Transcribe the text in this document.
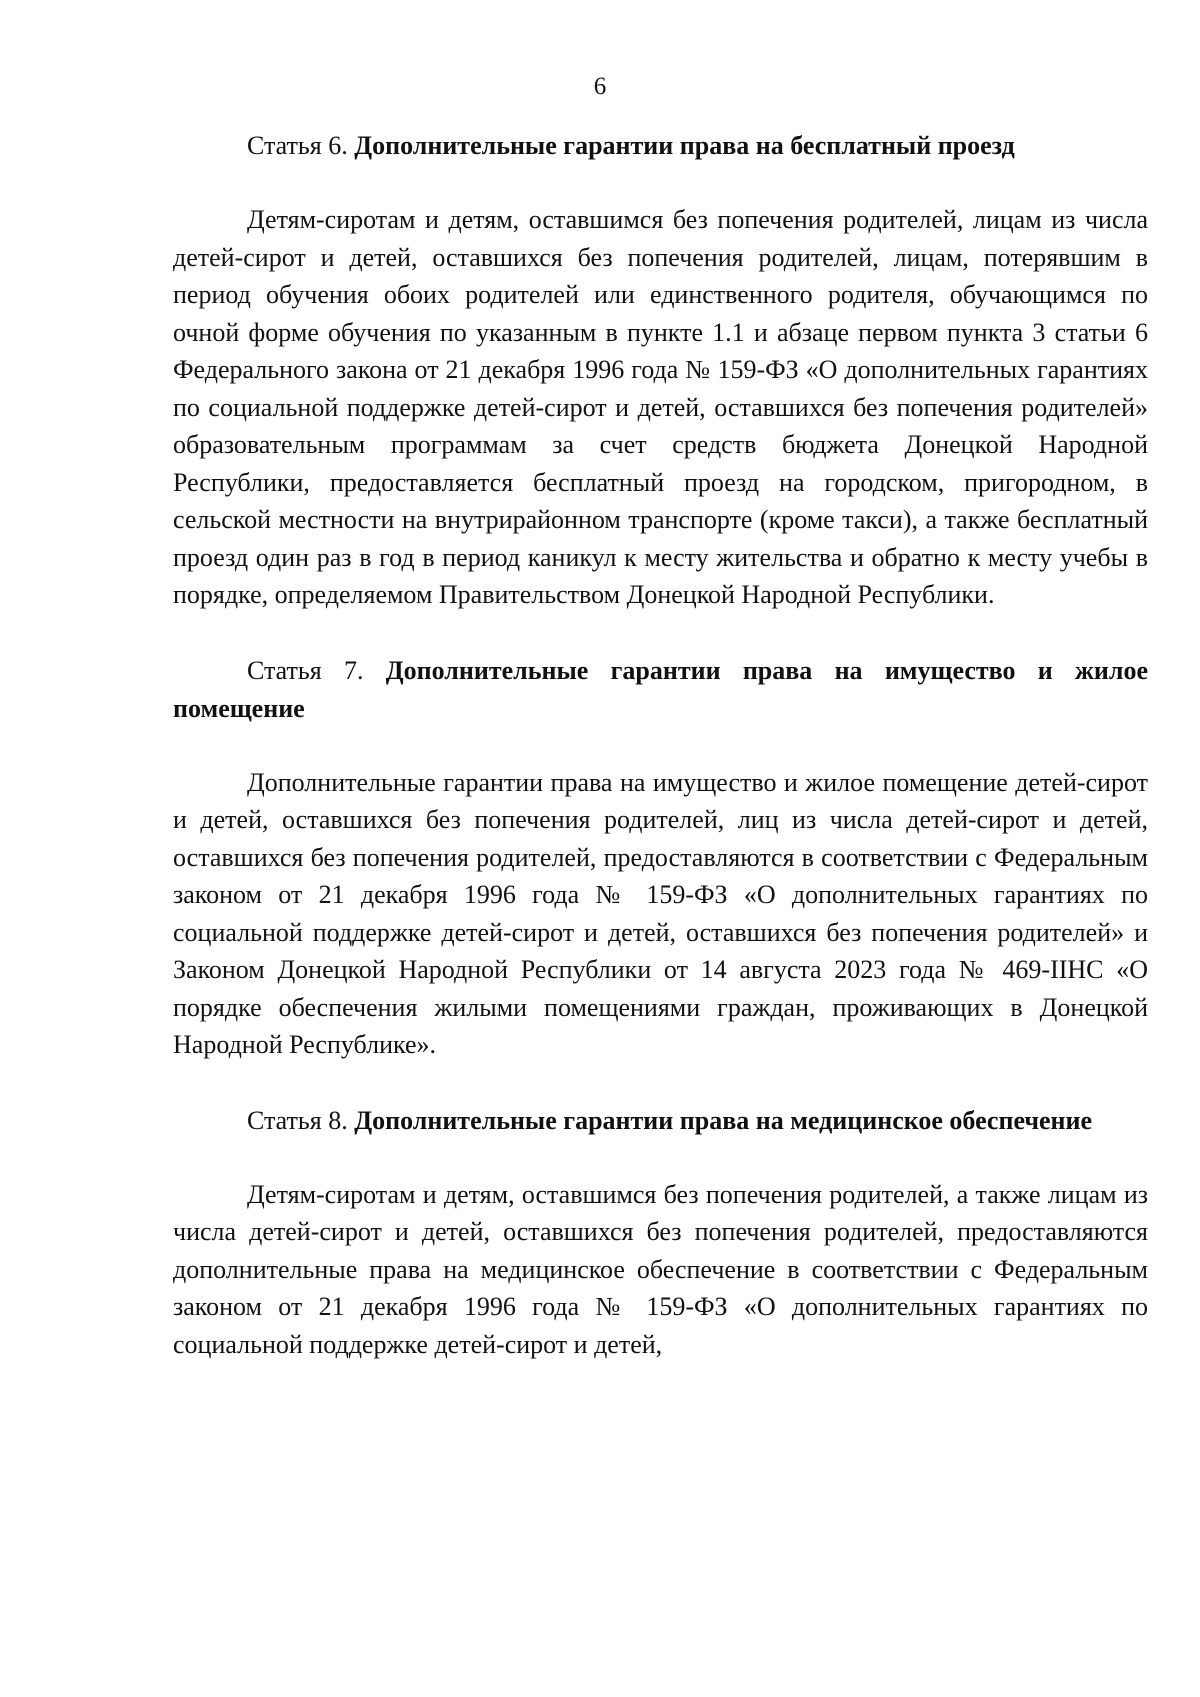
6

Статья 6. Дополнительные гарантии права на бесплатный проезд

Детям-сиротам и детям, оставшимся без попечения родителей, лицам из числа детей-сирот и детей, оставшихся без попечения родителей, лицам, потерявшим в период обучения обоих родителей или единственного родителя, обучающимся по очной форме обучения по указанным в пункте 1.1 и абзаце первом пункта 3 статьи 6 Федерального закона от 21 декабря 1996 года № 159-ФЗ «О дополнительных гарантиях по социальной поддержке детей-сирот и детей, оставшихся без попечения родителей» образовательным программам за счет средств бюджета Донецкой Народной Республики, предоставляется бесплатный проезд на городском, пригородном, в сельской местности на внутрирайонном транспорте (кроме такси), а также бесплатный проезд один раз в год в период каникул к месту жительства и обратно к месту учебы в порядке, определяемом Правительством Донецкой Народной Республики.

Статья 7. Дополнительные гарантии права на имущество и жилое помещение

Дополнительные гарантии права на имущество и жилое помещение детей-сирот и детей, оставшихся без попечения родителей, лиц из числа детей-сирот и детей, оставшихся без попечения родителей, предоставляются в соответствии с Федеральным законом от 21 декабря 1996 года № 159-ФЗ «О дополнительных гарантиях по социальной поддержке детей-сирот и детей, оставшихся без попечения родителей» и Законом Донецкой Народной Республики от 14 августа 2023 года № 469-IIНС «О порядке обеспечения жилыми помещениями граждан, проживающих в Донецкой Народной Республике».

Статья 8. Дополнительные гарантии права на медицинское обеспечение

Детям-сиротам и детям, оставшимся без попечения родителей, а также лицам из числа детей-сирот и детей, оставшихся без попечения родителей, предоставляются дополнительные права на медицинское обеспечение в соответствии с Федеральным законом от 21 декабря 1996 года № 159-ФЗ «О дополнительных гарантиях по социальной поддержке детей-сирот и детей,
